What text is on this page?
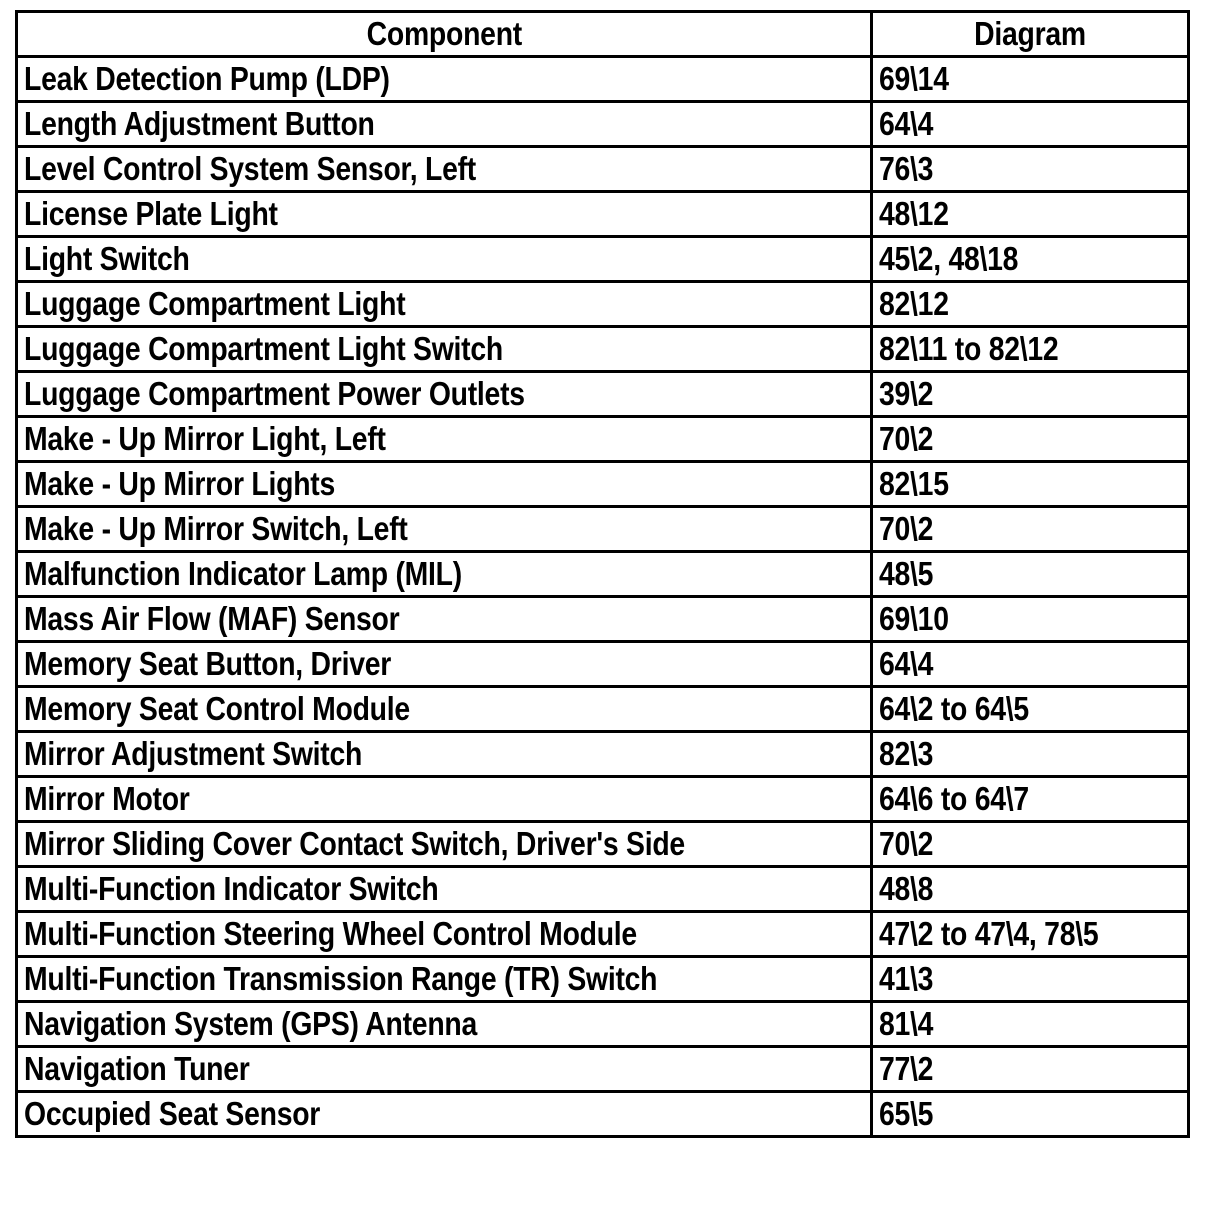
Component	Diagram
Leak Detection Pump (LDP)	69\14
Length Adjustment Button	64\4
Level Control System Sensor, Left	76\3
License Plate Light	48\12
Light Switch	45\2, 48\18
Luggage Compartment Light	82\12
Luggage Compartment Light Switch	82\11 to 82\12
Luggage Compartment Power Outlets	39\2
Make - Up Mirror Light, Left	70\2
Make - Up Mirror Lights	82\15
Make - Up Mirror Switch, Left	70\2
Malfunction Indicator Lamp (MIL)	48\5
Mass Air Flow (MAF) Sensor	69\10
Memory Seat Button, Driver	64\4
Memory Seat Control Module	64\2 to 64\5
Mirror Adjustment Switch	82\3
Mirror Motor	64\6 to 64\7
Mirror Sliding Cover Contact Switch, Driver's Side	70\2
Multi-Function Indicator Switch	48\8
Multi-Function Steering Wheel Control Module	47\2 to 47\4, 78\5
Multi-Function Transmission Range (TR) Switch	41\3
Navigation System (GPS) Antenna	81\4
Navigation Tuner	77\2
Occupied Seat Sensor	65\5
